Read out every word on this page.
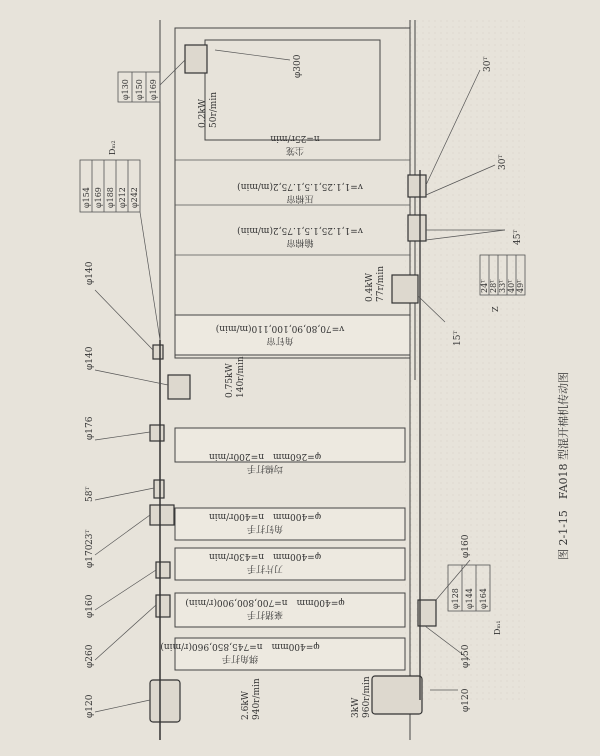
绑角打手
φ=400mm　n=745,850,960(r/min)
豪猪打手
φ=400mm　n=700,800,900(r/min)
刀片打手
φ=400mm　n=430r/min
角钉打手
φ=400mm　n=400r/min
均棉打手
φ=260mm　n=200r/min
角钉帘
v=70,80,90,100,110(m/min)
输棉帘
v=1,1.25,1.5,1.75,2(m/min)
压棉帘
v=1,1.25,1.5,1.75,2(m/min)
尘笼
n=25r/min
φ120
φ260
φ160
φ170
23ᵀ
58ᵀ
φ176
φ140
φ140
φ120
φ150
φ160
15ᵀ
45ᵀ
30ᵀ
30ᵀ
φ300
2.6kW 940r/min	3kW 960r/min
0.75kW 140r/min
0.4kW 77r/min
0.2kW 50r/min
φ128 φ144 φ164
Dₘ₁
φ154 φ169 φ188 φ212 φ242
Dₘ₂
φ130 φ150 φ169
24ᵀ 28ᵀ 33ᵀ 40ᵀ 49ᵀ
Z
图 2-1-15　FA018 型混开棉机传动图
